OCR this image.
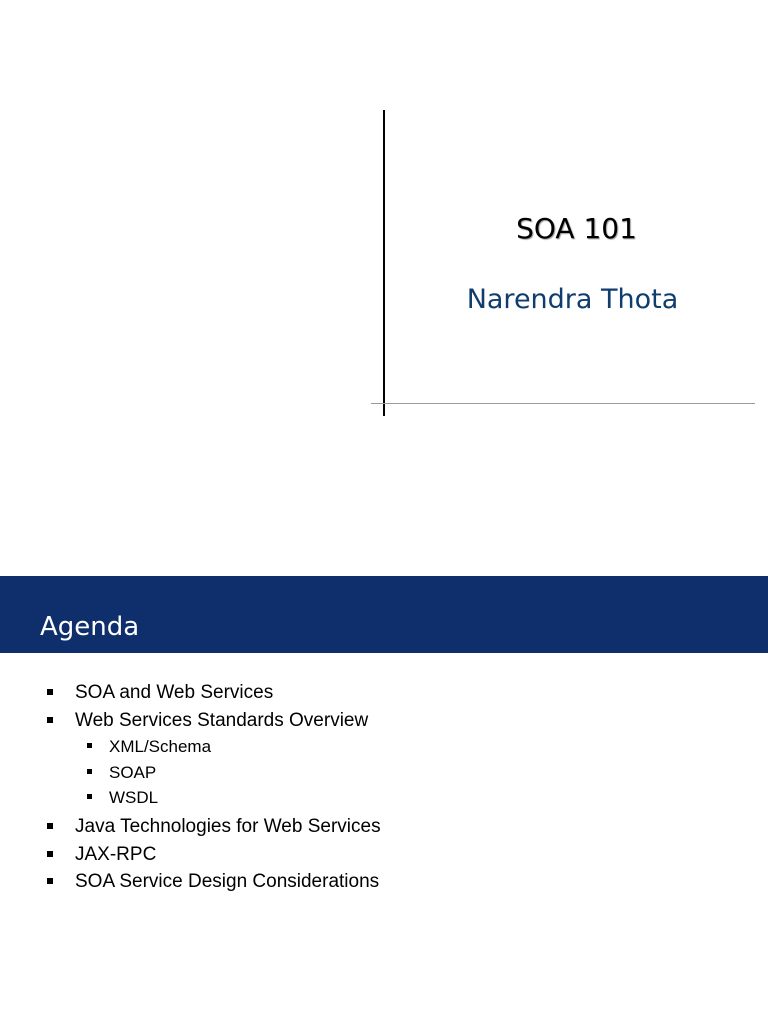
SOA 101
Narendra Thota
Agenda
SOA and Web Services
Web Services Standards Overview
XML/Schema
SOAP
WSDL
Java Technologies for Web Services
JAX-RPC
SOA Service Design Considerations
